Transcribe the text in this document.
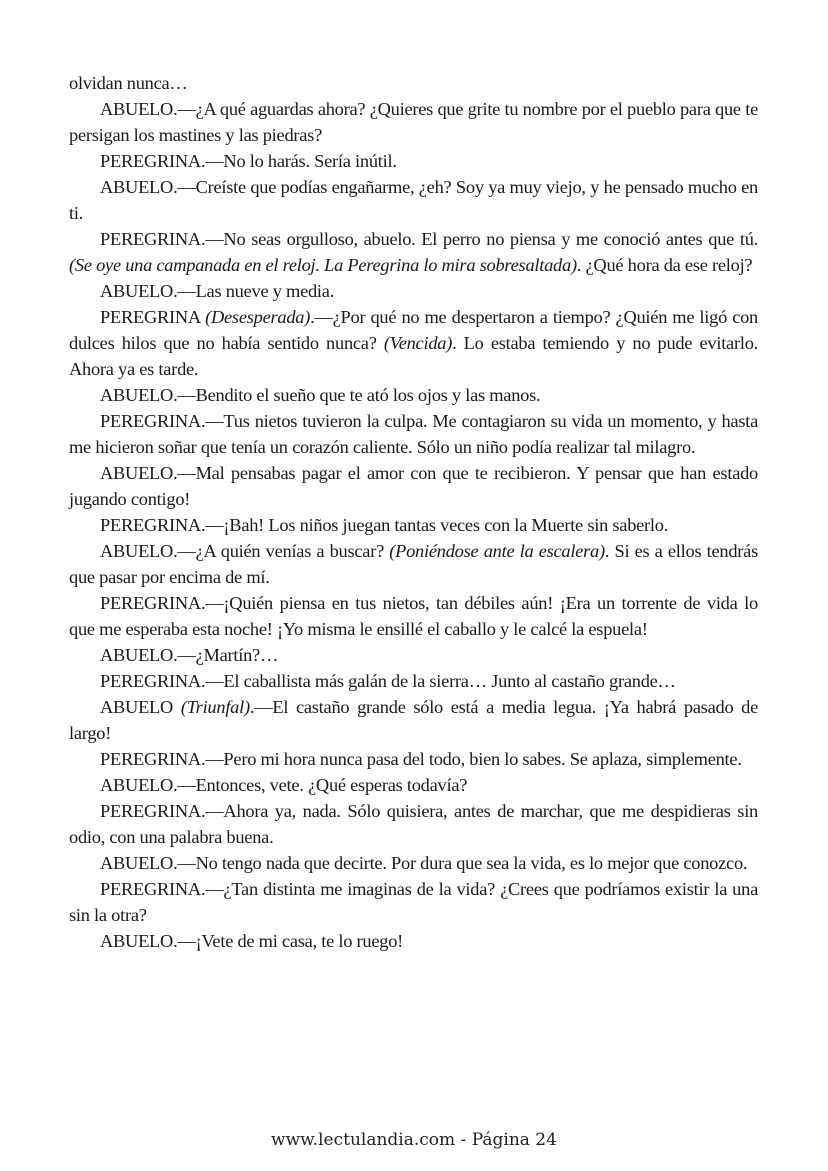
olvidan nunca…

ABUELO.—¿A qué aguardas ahora? ¿Quieres que grite tu nombre por el pueblo para que te persigan los mastines y las piedras?

PEREGRINA.—No lo harás. Sería inútil.

ABUELO.—Creíste que podías engañarme, ¿eh? Soy ya muy viejo, y he pensado mucho en ti.

PEREGRINA.—No seas orgulloso, abuelo. El perro no piensa y me conoció antes que tú. (Se oye una campanada en el reloj. La Peregrina lo mira sobresaltada). ¿Qué hora da ese reloj?

ABUELO.—Las nueve y media.

PEREGRINA (Desesperada).—¿Por qué no me despertaron a tiempo? ¿Quién me ligó con dulces hilos que no había sentido nunca? (Vencida). Lo estaba temiendo y no pude evitarlo. Ahora ya es tarde.

ABUELO.—Bendito el sueño que te ató los ojos y las manos.

PEREGRINA.—Tus nietos tuvieron la culpa. Me contagiaron su vida un momento, y hasta me hicieron soñar que tenía un corazón caliente. Sólo un niño podía realizar tal milagro.

ABUELO.—Mal pensabas pagar el amor con que te recibieron. Y pensar que han estado jugando contigo!

PEREGRINA.—¡Bah! Los niños juegan tantas veces con la Muerte sin saberlo.

ABUELO.—¿A quién venías a buscar? (Poniéndose ante la escalera). Si es a ellos tendrás que pasar por encima de mí.

PEREGRINA.—¡Quién piensa en tus nietos, tan débiles aún! ¡Era un torrente de vida lo que me esperaba esta noche! ¡Yo misma le ensillé el caballo y le calcé la espuela!

ABUELO.—¿Martín?…

PEREGRINA.—El caballista más galán de la sierra… Junto al castaño grande…

ABUELO (Triunfal).—El castaño grande sólo está a media legua. ¡Ya habrá pasado de largo!

PEREGRINA.—Pero mi hora nunca pasa del todo, bien lo sabes. Se aplaza, simplemente.

ABUELO.—Entonces, vete. ¿Qué esperas todavía?

PEREGRINA.—Ahora ya, nada. Sólo quisiera, antes de marchar, que me despidieras sin odio, con una palabra buena.

ABUELO.—No tengo nada que decirte. Por dura que sea la vida, es lo mejor que conozco.

PEREGRINA.—¿Tan distinta me imaginas de la vida? ¿Crees que podríamos existir la una sin la otra?

ABUELO.—¡Vete de mi casa, te lo ruego!

www.lectulandia.com - Página 24
